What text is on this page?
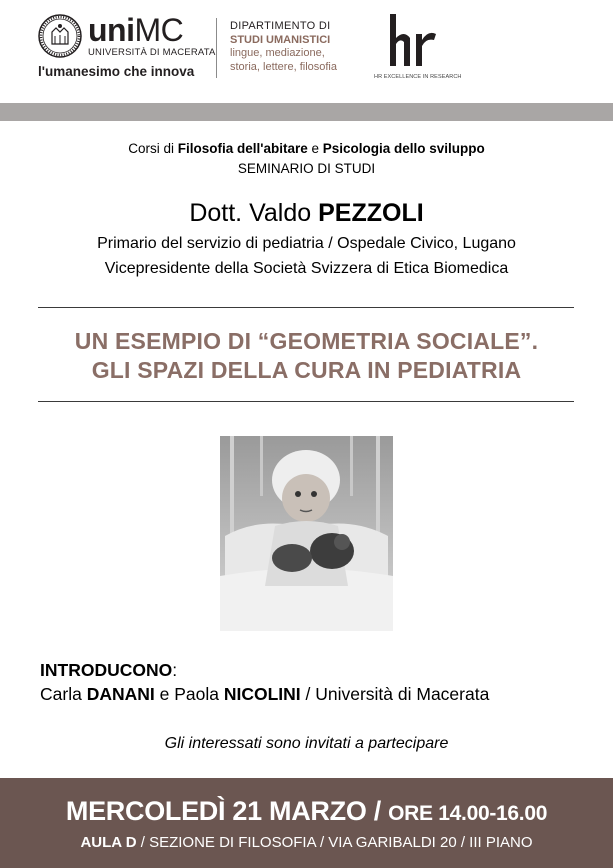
uniMC
UNIVERSITÀ DI MACERATA
l'umanesimo che innova
DIPARTIMENTO DI
STUDI UMANISTICI
lingue, mediazione,
storia, lettere, filosofia
HR EXCELLENCE IN RESEARCH
Corsi di Filosofia dell'abitare e Psicologia dello sviluppo
SEMINARIO DI STUDI
Dott. Valdo PEZZOLI
Primario del servizio di pediatria / Ospedale Civico, Lugano
Vicepresidente della Società Svizzera di Etica Biomedica
UN ESEMPIO DI “GEOMETRIA SOCIALE”.
GLI SPAZI DELLA CURA IN PEDIATRIA
INTRODUCONO:
Carla DANANI e Paola NICOLINI / Università di Macerata
Gli interessati sono invitati a partecipare
MERCOLEDÌ 21 MARZO / ORE 14.00-16.00
AULA D / SEZIONE DI FILOSOFIA / VIA GARIBALDI 20 / III PIANO
